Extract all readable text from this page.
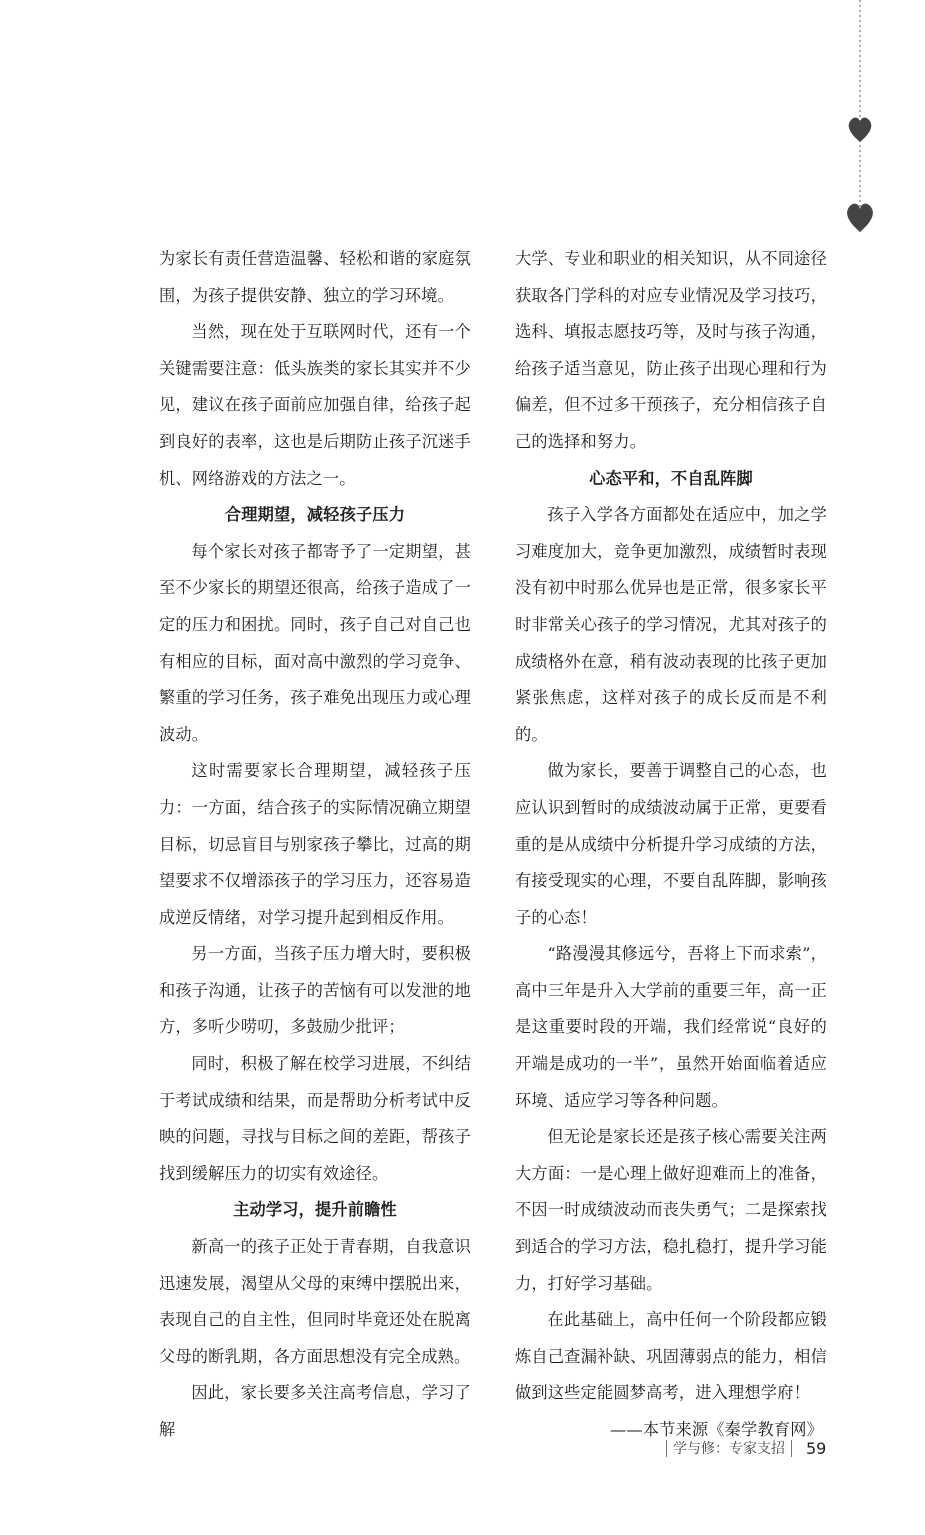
为家长有责任营造温馨、轻松和谐的家庭氛围，为孩子提供安静、独立的学习环境。

当然，现在处于互联网时代，还有一个关键需要注意：低头族类的家长其实并不少见，建议在孩子面前应加强自律，给孩子起到良好的表率，这也是后期防止孩子沉迷手机、网络游戏的方法之一。

合理期望，减轻孩子压力

每个家长对孩子都寄予了一定期望，甚至不少家长的期望还很高，给孩子造成了一定的压力和困扰。同时，孩子自己对自己也有相应的目标，面对高中激烈的学习竞争、繁重的学习任务，孩子难免出现压力或心理波动。

这时需要家长合理期望，减轻孩子压力：一方面，结合孩子的实际情况确立期望目标，切忌盲目与别家孩子攀比，过高的期望要求不仅增添孩子的学习压力，还容易造成逆反情绪，对学习提升起到相反作用。

另一方面，当孩子压力增大时，要积极和孩子沟通，让孩子的苦恼有可以发泄的地方，多听少唠叨，多鼓励少批评；

同时，积极了解在校学习进展，不纠结于考试成绩和结果，而是帮助分析考试中反映的问题，寻找与目标之间的差距，帮孩子找到缓解压力的切实有效途径。

主动学习，提升前瞻性

新高一的孩子正处于青春期，自我意识迅速发展，渴望从父母的束缚中摆脱出来，表现自己的自主性，但同时毕竟还处在脱离父母的断乳期，各方面思想没有完全成熟。

因此，家长要多关注高考信息，学习了解

大学、专业和职业的相关知识，从不同途径获取各门学科的对应专业情况及学习技巧，选科、填报志愿技巧等，及时与孩子沟通，给孩子适当意见，防止孩子出现心理和行为偏差，但不过多干预孩子，充分相信孩子自己的选择和努力。

心态平和，不自乱阵脚

孩子入学各方面都处在适应中，加之学习难度加大，竞争更加激烈，成绩暂时表现没有初中时那么优异也是正常，很多家长平时非常关心孩子的学习情况，尤其对孩子的成绩格外在意，稍有波动表现的比孩子更加紧张焦虑，这样对孩子的成长反而是不利的。

做为家长，要善于调整自己的心态，也应认识到暂时的成绩波动属于正常，更要看重的是从成绩中分析提升学习成绩的方法，有接受现实的心理，不要自乱阵脚，影响孩子的心态！

“路漫漫其修远兮，吾将上下而求索”，高中三年是升入大学前的重要三年，高一正是这重要时段的开端，我们经常说“良好的开端是成功的一半”，虽然开始面临着适应环境、适应学习等各种问题。

但无论是家长还是孩子核心需要关注两大方面：一是心理上做好迎难而上的准备，不因一时成绩波动而丧失勇气；二是探索找到适合的学习方法，稳扎稳打，提升学习能力，打好学习基础。

在此基础上，高中任何一个阶段都应锻炼自己查漏补缺、巩固薄弱点的能力，相信做到这些定能圆梦高考，进入理想学府！

——本节来源《秦学教育网》

学与修：专家支招 59
